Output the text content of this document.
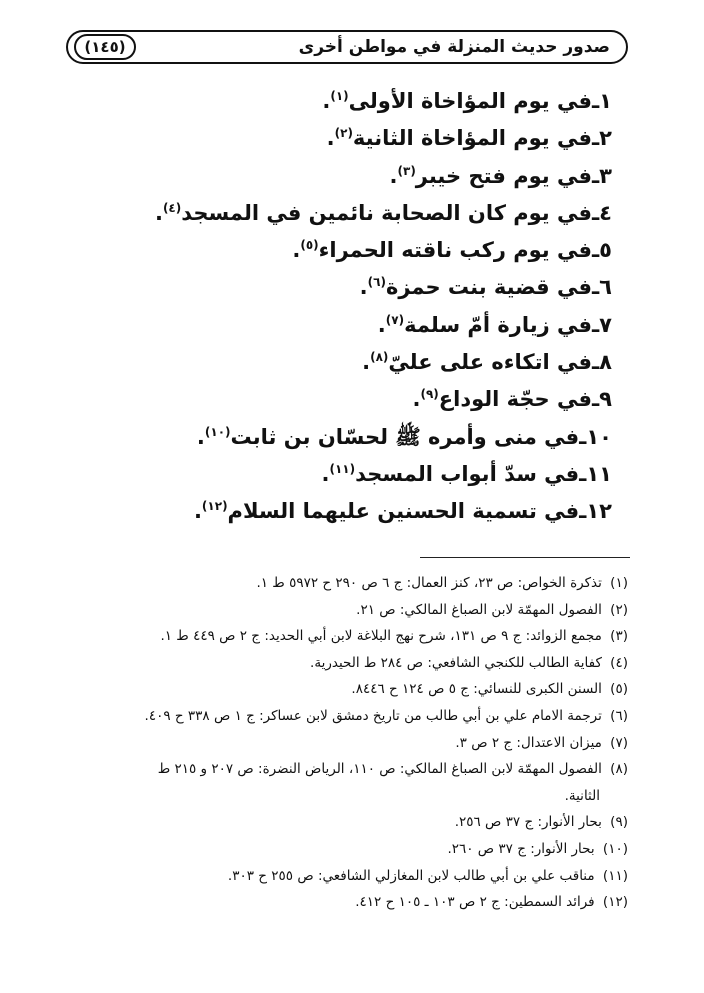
صدور حديث المنزلة في مواطن أخرى
(١٤٥)
١ـفي يوم المؤاخاة الأولى$^{(١)}$.
٢ـفي يوم المؤاخاة الثانية$^{(٢)}$.
٣ـفي يوم فتح خيبر$^{(٣)}$.
٤ـفي يوم كان الصحابة نائمين في المسجد$^{(٤)}$.
٥ـفي يوم ركب ناقته الحمراء$^{(٥)}$.
٦ـفي قضية بنت حمزة$^{(٦)}$.
٧ـفي زيارة أمّ سلمة$^{(٧)}$.
٨ـفي اتكاءه على عليّ$^{(٨)}$.
٩ـفي حجّة الوداع$^{(٩)}$.
١٠ـفي منى وأمره ﷺ لحسّان بن ثابت$^{(١٠)}$.
١١ـفي سدّ أبواب المسجد$^{(١١)}$.
١٢ـفي تسمية الحسنين عليهما السلام$^{(١٢)}$.
(١) تذكرة الخواص: ص ٢٣، كنز العمال: ج ٦ ص ٢٩٠ ح ٥٩٧٢ ط ١.
(٢) الفصول المهمّة لابن الصباغ المالكي: ص ٢١.
(٣) مجمع الزوائد: ج ٩ ص ١٣١، شرح نهج البلاغة لابن أبي الحديد: ج ٢ ص ٤٤٩ ط ١.
(٤) كفاية الطالب للكنجي الشافعي: ص ٢٨٤ ط الحيدرية.
(٥) السنن الكبرى للنسائي: ج ٥ ص ١٢٤ ح ٨٤٤٦.
(٦) ترجمة الامام علي بن أبي طالب من تاريخ دمشق لابن عساكر: ج ١ ص ٣٣٨ ح ٤٠٩.
(٧) ميزان الاعتدال: ج ٢ ص ٣.
(٨) الفصول المهمّة لابن الصباغ المالكي: ص ١١٠، الرياض النضرة: ص ٢٠٧ و ٢١٥ ط
الثانية.
(٩) بحار الأنوار: ج ٣٧ ص ٢٥٦.
(١٠) بحار الأنوار: ج ٣٧ ص ٢٦٠.
(١١) مناقب علي بن أبي طالب لابن المغازلي الشافعي: ص ٢٥٥ ح ٣٠٣.
(١٢) فرائد السمطين: ج ٢ ص ١٠٣ ـ ١٠٥ ح ٤١٢.
